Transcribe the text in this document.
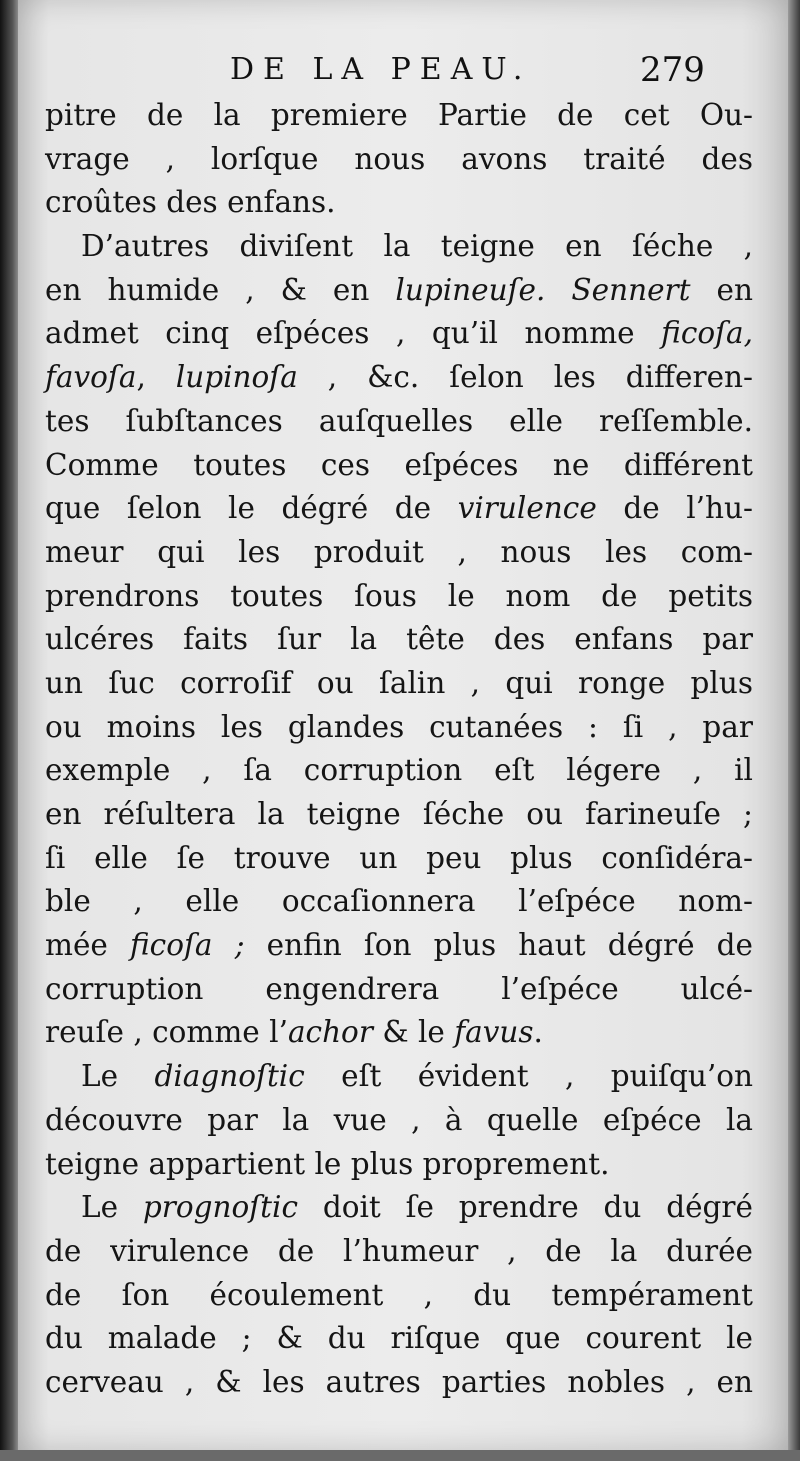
DE LA PEAU.	279
pitre de la premiere Partie de cet Ou-
vrage , lorſque nous avons traité des
croûtes des enfans.
D’autres diviſent la teigne en ſéche ,
en humide , & en lupineuſe. Sennert en
admet cinq eſpéces , qu’il nomme ficoſa,
favoſa, lupinoſa , &c. ſelon les differen-
tes ſubſtances auſquelles elle reſſemble.
Comme toutes ces eſpéces ne différent
que ſelon le dégré de virulence de l’hu-
meur qui les produit , nous les com-
prendrons toutes ſous le nom de petits
ulcéres faits ſur la tête des enfans par
un ſuc corroſif ou ſalin , qui ronge plus
ou moins les glandes cutanées : ſi , par
exemple , ſa corruption eſt légere , il
en réſultera la teigne ſéche ou farineuſe ;
ſi elle ſe trouve un peu plus conſidéra-
ble , elle occaſionnera l’eſpéce nom-
mée ficoſa ; enfin ſon plus haut dégré de
corruption engendrera l’eſpéce ulcé-
reuſe , comme l’achor & le favus.
Le diagnoſtic eſt évident , puiſqu’on
découvre par la vue , à quelle eſpéce la
teigne appartient le plus proprement.
Le prognoſtic doit ſe prendre du dégré
de virulence de l’humeur , de la durée
de ſon écoulement , du tempérament
du malade ; & du riſque que courent le
cerveau , & les autres parties nobles , en
